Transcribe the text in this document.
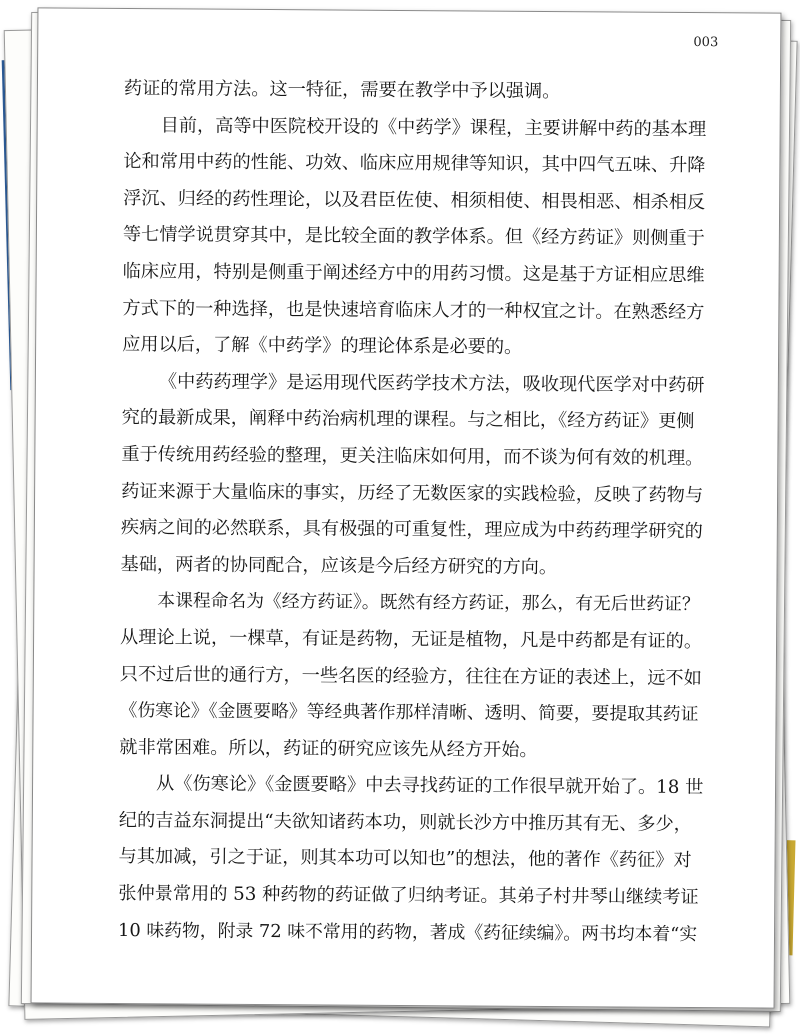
003
药证的常用方法。这一特征，需要在教学中予以强调。
目前，高等中医院校开设的《中药学》课程，主要讲解中药的基本理
论和常用中药的性能、功效、临床应用规律等知识，其中四气五味、升降
浮沉、归经的药性理论，以及君臣佐使、相须相使、相畏相恶、相杀相反
等七情学说贯穿其中，是比较全面的教学体系。但《经方药证》则侧重于
临床应用，特别是侧重于阐述经方中的用药习惯。这是基于方证相应思维
方式下的一种选择，也是快速培育临床人才的一种权宜之计。在熟悉经方
应用以后，了解《中药学》的理论体系是必要的。
《中药药理学》是运用现代医药学技术方法，吸收现代医学对中药研
究的最新成果，阐释中药治病机理的课程。与之相比，《经方药证》更侧
重于传统用药经验的整理，更关注临床如何用，而不谈为何有效的机理。
药证来源于大量临床的事实，历经了无数医家的实践检验，反映了药物与
疾病之间的必然联系，具有极强的可重复性，理应成为中药药理学研究的
基础，两者的协同配合，应该是今后经方研究的方向。
本课程命名为《经方药证》。既然有经方药证，那么，有无后世药证？
从理论上说，一棵草，有证是药物，无证是植物，凡是中药都是有证的。
只不过后世的通行方，一些名医的经验方，往往在方证的表述上，远不如
《伤寒论》《金匮要略》等经典著作那样清晰、透明、简要，要提取其药证
就非常困难。所以，药证的研究应该先从经方开始。
从《伤寒论》《金匮要略》中去寻找药证的工作很早就开始了。18 世
纪的吉益东洞提出“夫欲知诸药本功，则就长沙方中推历其有无、多少，
与其加减，引之于证，则其本功可以知也”的想法，他的著作《药征》对
张仲景常用的 53 种药物的药证做了归纳考证。其弟子村井琴山继续考证
10 味药物，附录 72 味不常用的药物，著成《药征续编》。两书均本着“实
